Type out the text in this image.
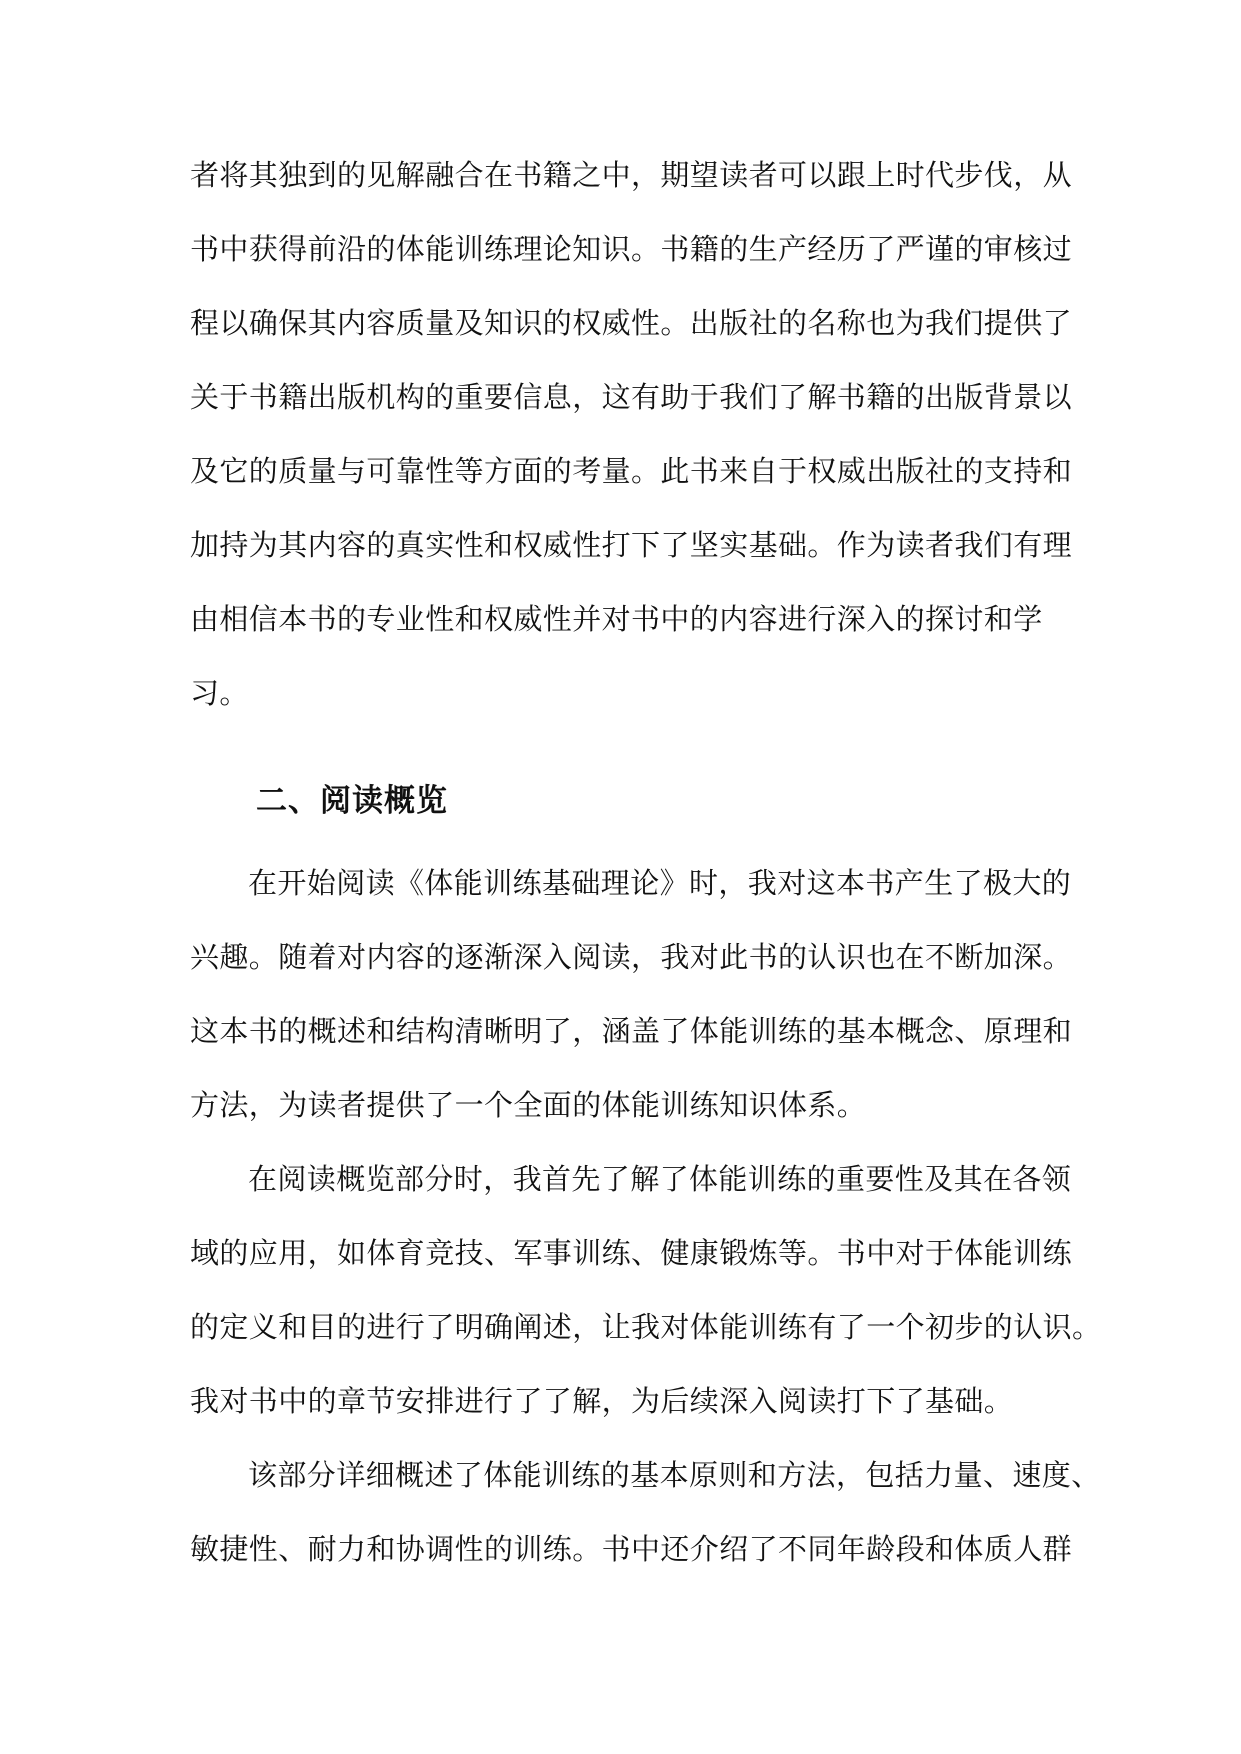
者将其独到的见解融合在书籍之中，期望读者可以跟上时代步伐，从
书中获得前沿的体能训练理论知识。书籍的生产经历了严谨的审核过
程以确保其内容质量及知识的权威性。出版社的名称也为我们提供了
关于书籍出版机构的重要信息，这有助于我们了解书籍的出版背景以
及它的质量与可靠性等方面的考量。此书来自于权威出版社的支持和
加持为其内容的真实性和权威性打下了坚实基础。作为读者我们有理
由相信本书的专业性和权威性并对书中的内容进行深入的探讨和学
习。
二、阅读概览
在开始阅读《体能训练基础理论》时，我对这本书产生了极大的
兴趣。随着对内容的逐渐深入阅读，我对此书的认识也在不断加深。
这本书的概述和结构清晰明了，涵盖了体能训练的基本概念、原理和
方法，为读者提供了一个全面的体能训练知识体系。
在阅读概览部分时，我首先了解了体能训练的重要性及其在各领
域的应用，如体育竞技、军事训练、健康锻炼等。书中对于体能训练
的定义和目的进行了明确阐述，让我对体能训练有了一个初步的认识。
我对书中的章节安排进行了了解，为后续深入阅读打下了基础。
该部分详细概述了体能训练的基本原则和方法，包括力量、速度、
敏捷性、耐力和协调性的训练。书中还介绍了不同年龄段和体质人群
